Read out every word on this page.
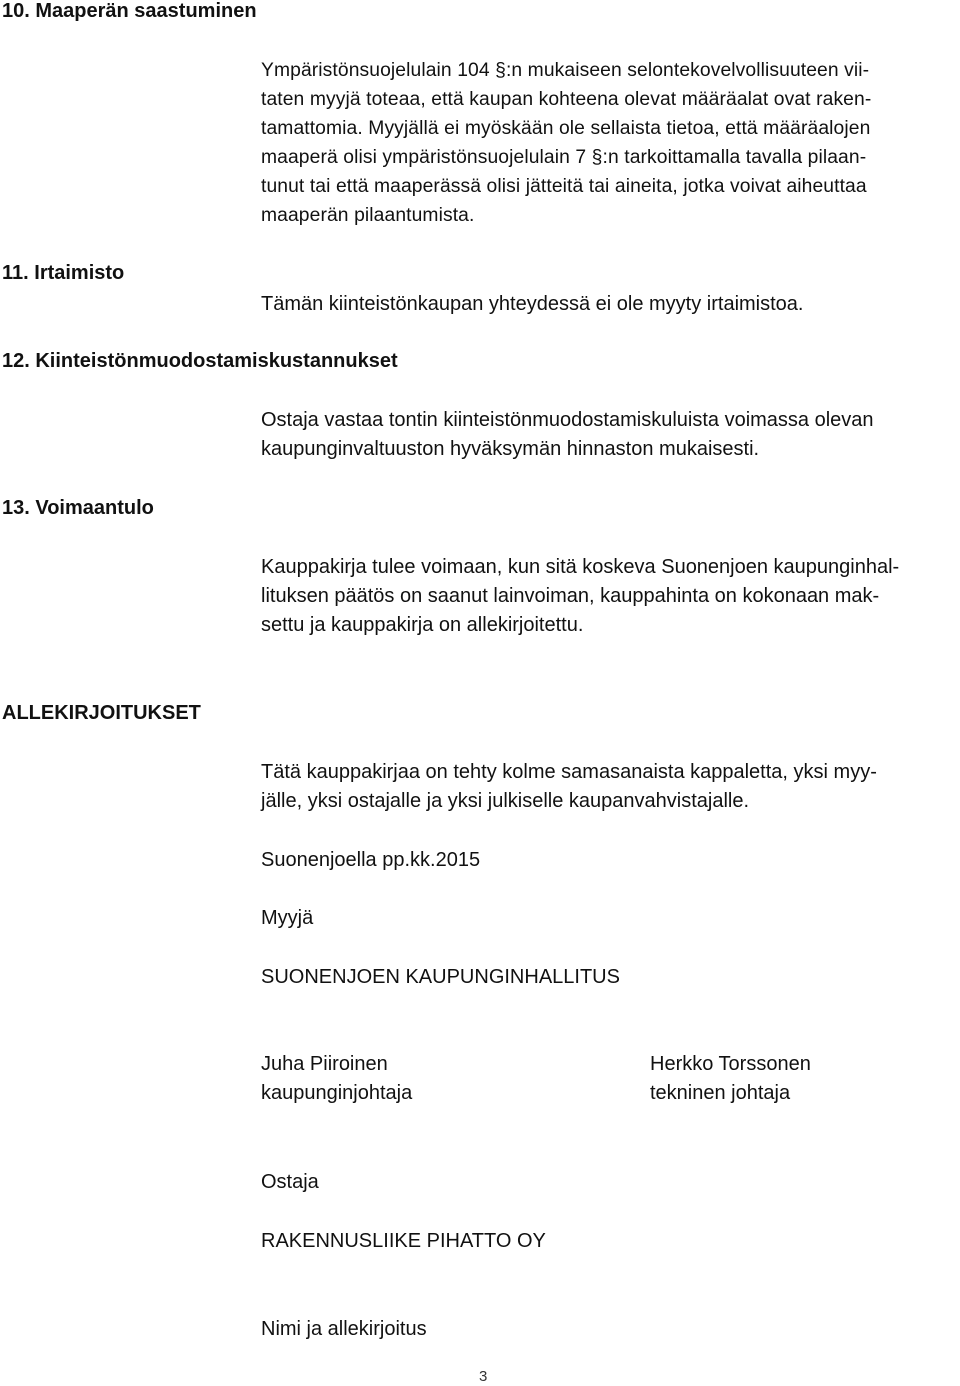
10. Maaperän saastuminen
Ympäristönsuojelulain 104 §:n mukaiseen selontekovelvollisuuteen vii-
taten myyjä toteaa, että kaupan kohteena olevat määräalat ovat raken-
tamattomia. Myyjällä ei myöskään ole sellaista tietoa, että määräalojen
maaperä olisi ympäristönsuojelulain 7 §:n tarkoittamalla tavalla pilaan-
tunut tai että maaperässä olisi jätteitä tai aineita, jotka voivat aiheuttaa
maaperän pilaantumista.
11. Irtaimisto
Tämän kiinteistönkaupan yhteydessä ei ole myyty irtaimistoa.
12. Kiinteistönmuodostamiskustannukset
Ostaja vastaa tontin kiinteistönmuodostamiskuluista voimassa olevan
kaupunginvaltuuston hyväksymän hinnaston mukaisesti.
13. Voimaantulo
Kauppakirja tulee voimaan, kun sitä koskeva Suonenjoen kaupunginhal-
lituksen päätös on saanut lainvoiman, kauppahinta on kokonaan mak-
settu ja kauppakirja on allekirjoitettu.
ALLEKIRJOITUKSET
Tätä kauppakirjaa on tehty kolme samasanaista kappaletta, yksi myy-
jälle, yksi ostajalle ja yksi julkiselle kaupanvahvistajalle.
Suonenjoella pp.kk.2015
Myyjä
SUONENJOEN KAUPUNGINHALLITUS
Juha Piiroinen
kaupunginjohtaja
Herkko Torssonen
tekninen johtaja
Ostaja
RAKENNUSLIIKE PIHATTO OY
Nimi ja allekirjoitus
3
